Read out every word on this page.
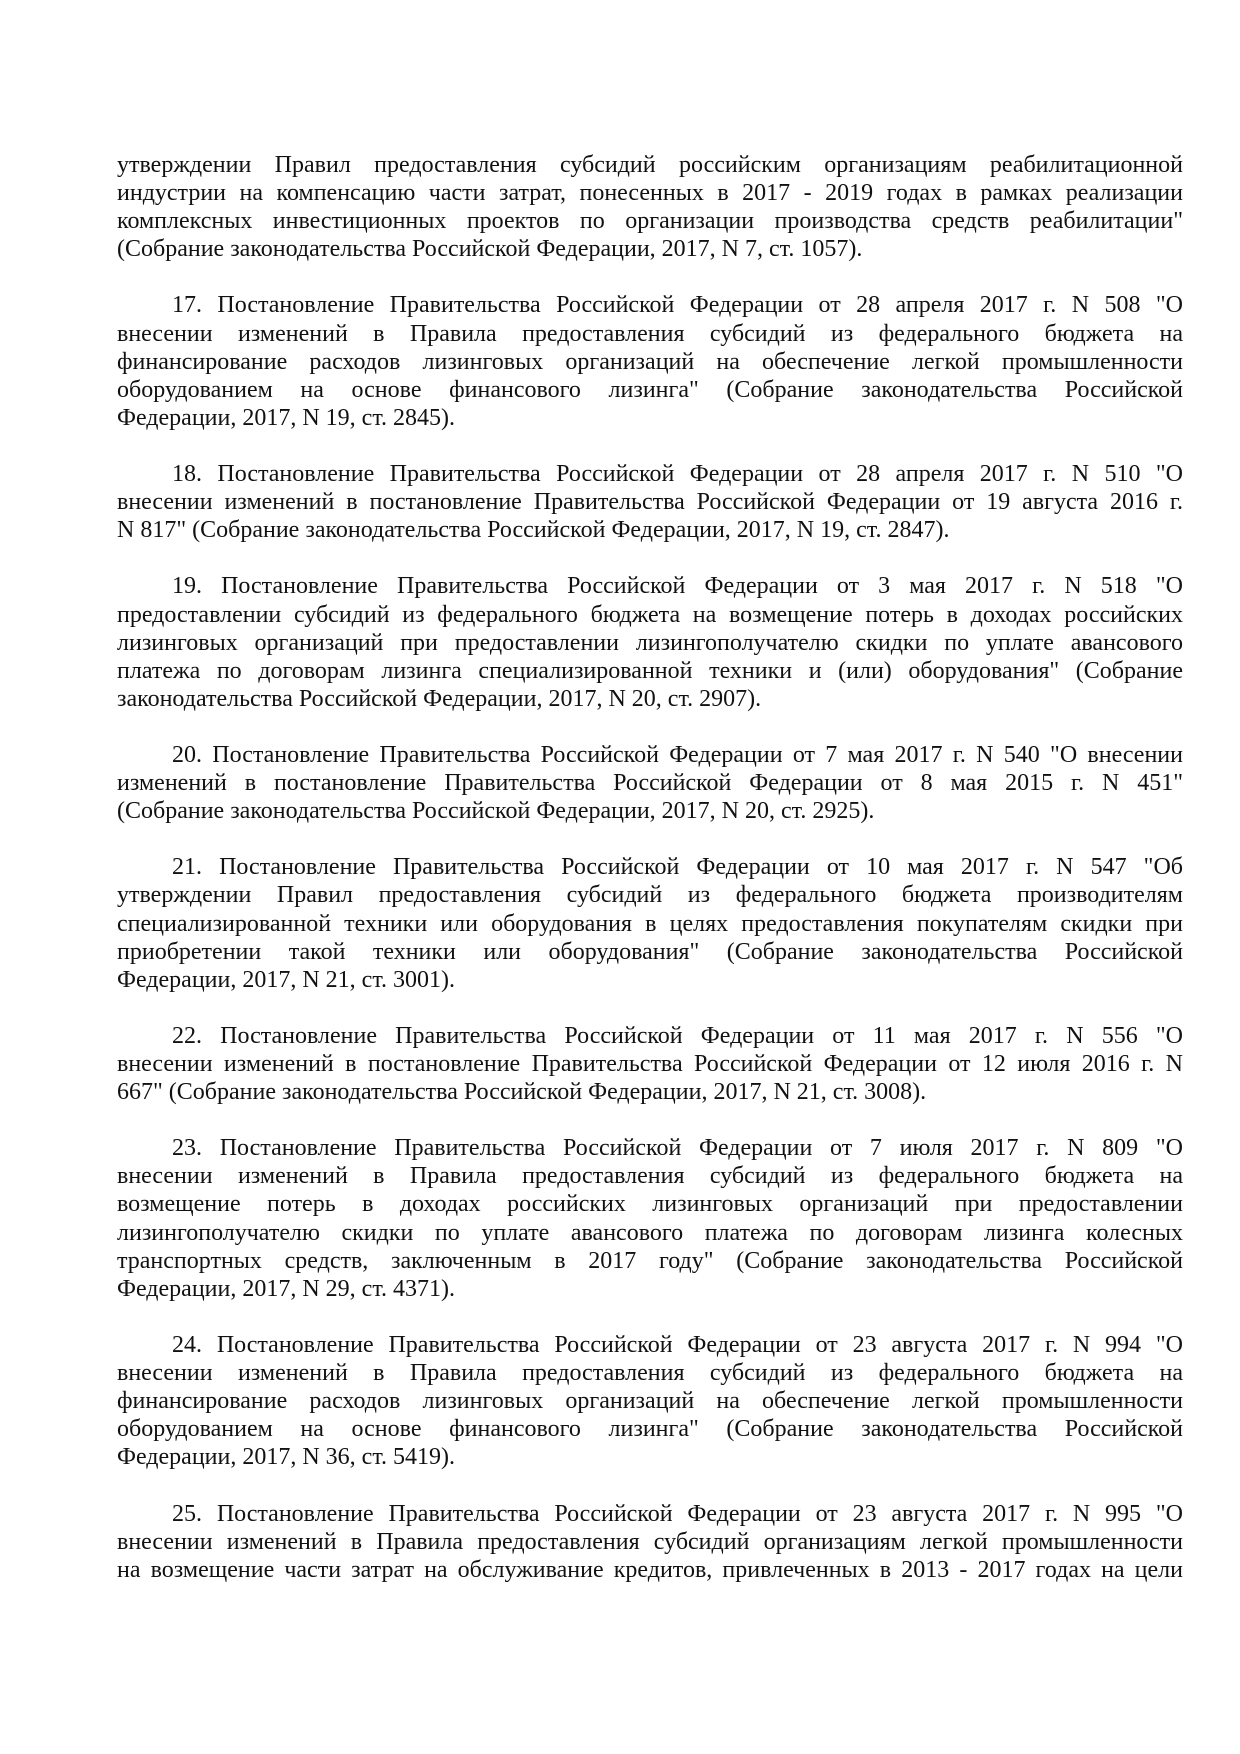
утверждении Правил предоставления субсидий российским организациям реабилитационной
индустрии на компенсацию части затрат, понесенных в 2017 - 2019 годах в рамках реализации
комплексных инвестиционных проектов по организации производства средств реабилитации"
(Собрание законодательства Российской Федерации, 2017, N 7, ст. 1057).
17. Постановление Правительства Российской Федерации от 28 апреля 2017 г. N 508 "О
внесении изменений в Правила предоставления субсидий из федерального бюджета на
финансирование расходов лизинговых организаций на обеспечение легкой промышленности
оборудованием на основе финансового лизинга" (Собрание законодательства Российской
Федерации, 2017, N 19, ст. 2845).
18. Постановление Правительства Российской Федерации от 28 апреля 2017 г. N 510 "О
внесении изменений в постановление Правительства Российской Федерации от 19 августа 2016 г.
N 817" (Собрание законодательства Российской Федерации, 2017, N 19, ст. 2847).
19. Постановление Правительства Российской Федерации от 3 мая 2017 г. N 518 "О
предоставлении субсидий из федерального бюджета на возмещение потерь в доходах российских
лизинговых организаций при предоставлении лизингополучателю скидки по уплате авансового
платежа по договорам лизинга специализированной техники и (или) оборудования" (Собрание
законодательства Российской Федерации, 2017, N 20, ст. 2907).
20. Постановление Правительства Российской Федерации от 7 мая 2017 г. N 540 "О внесении
изменений в постановление Правительства Российской Федерации от 8 мая 2015 г. N 451"
(Собрание законодательства Российской Федерации, 2017, N 20, ст. 2925).
21. Постановление Правительства Российской Федерации от 10 мая 2017 г. N 547 "Об
утверждении Правил предоставления субсидий из федерального бюджета производителям
специализированной техники или оборудования в целях предоставления покупателям скидки при
приобретении такой техники или оборудования" (Собрание законодательства Российской
Федерации, 2017, N 21, ст. 3001).
22. Постановление Правительства Российской Федерации от 11 мая 2017 г. N 556 "О
внесении изменений в постановление Правительства Российской Федерации от 12 июля 2016 г. N
667" (Собрание законодательства Российской Федерации, 2017, N 21, ст. 3008).
23. Постановление Правительства Российской Федерации от 7 июля 2017 г. N 809 "О
внесении изменений в Правила предоставления субсидий из федерального бюджета на
возмещение потерь в доходах российских лизинговых организаций при предоставлении
лизингополучателю скидки по уплате авансового платежа по договорам лизинга колесных
транспортных средств, заключенным в 2017 году" (Собрание законодательства Российской
Федерации, 2017, N 29, ст. 4371).
24. Постановление Правительства Российской Федерации от 23 августа 2017 г. N 994 "О
внесении изменений в Правила предоставления субсидий из федерального бюджета на
финансирование расходов лизинговых организаций на обеспечение легкой промышленности
оборудованием на основе финансового лизинга" (Собрание законодательства Российской
Федерации, 2017, N 36, ст. 5419).
25. Постановление Правительства Российской Федерации от 23 августа 2017 г. N 995 "О
внесении изменений в Правила предоставления субсидий организациям легкой промышленности
на возмещение части затрат на обслуживание кредитов, привлеченных в 2013 - 2017 годах на цели
